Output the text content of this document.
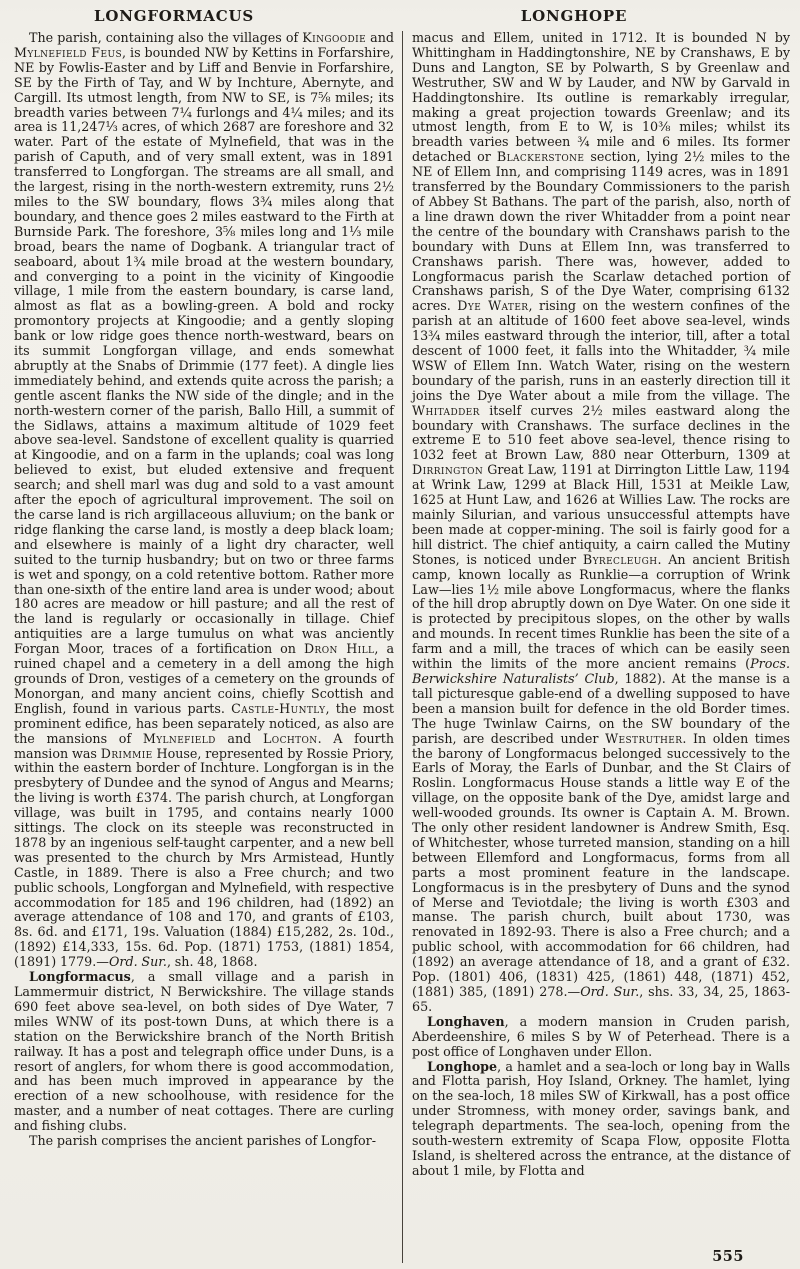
LONGFORMACUS	LONGHOPE

The parish, containing also the villages of Kingoodie and Mylnefield Feus, is bounded NW by Kettins in Forfarshire, NE by Fowlis-Easter and by Liff and Benvie in Forfarshire, SE by the Firth of Tay, and W by Inchture, Abernyte, and Cargill. Its utmost length, from NW to SE, is 7⅝ miles; its breadth varies between 7¼ furlongs and 4¼ miles; and its area is 11,247⅓ acres, of which 2687 are foreshore and 32 water. Part of the estate of Mylnefield, that was in the parish of Caputh, and of very small extent, was in 1891 transferred to Longforgan. The streams are all small, and the largest, rising in the north-western extremity, runs 2½ miles to the SW boundary, flows 3¾ miles along that boundary, and thence goes 2 miles eastward to the Firth at Burnside Park. The foreshore, 3⅝ miles long and 1⅓ mile broad, bears the name of Dogbank. A triangular tract of seaboard, about 1¾ mile broad at the western boundary, and converging to a point in the vicinity of Kingoodie village, 1 mile from the eastern boundary, is carse land, almost as flat as a bowling-green. A bold and rocky promontory projects at Kingoodie; and a gently sloping bank or low ridge goes thence north-westward, bears on its summit Longforgan village, and ends somewhat abruptly at the Snabs of Drimmie (177 feet). A dingle lies immediately behind, and extends quite across the parish; a gentle ascent flanks the NW side of the dingle; and in the north-western corner of the parish, Ballo Hill, a summit of the Sidlaws, attains a maximum altitude of 1029 feet above sea-level. Sandstone of excellent quality is quarried at Kingoodie, and on a farm in the uplands; coal was long believed to exist, but eluded extensive and frequent search; and shell marl was dug and sold to a vast amount after the epoch of agricultural improvement. The soil on the carse land is rich argillaceous alluvium; on the bank or ridge flanking the carse land, is mostly a deep black loam; and elsewhere is mainly of a light dry character, well suited to the turnip husbandry; but on two or three farms is wet and spongy, on a cold retentive bottom. Rather more than one-sixth of the entire land area is under wood; about 180 acres are meadow or hill pasture; and all the rest of the land is regularly or occasionally in tillage. Chief antiquities are a large tumulus on what was anciently Forgan Moor, traces of a fortification on Dron Hill, a ruined chapel and a cemetery in a dell among the high grounds of Dron, vestiges of a cemetery on the grounds of Monorgan, and many ancient coins, chiefly Scottish and English, found in various parts. Castle-Huntly, the most prominent edifice, has been separately noticed, as also are the mansions of Mylnefield and Lochton. A fourth mansion was Drimmie House, represented by Rossie Priory, within the eastern border of Inchture. Longforgan is in the presbytery of Dundee and the synod of Angus and Mearns; the living is worth £374. The parish church, at Longforgan village, was built in 1795, and contains nearly 1000 sittings. The clock on its steeple was reconstructed in 1878 by an ingenious self-taught carpenter, and a new bell was presented to the church by Mrs Armistead, Huntly Castle, in 1889. There is also a Free church; and two public schools, Longforgan and Mylnefield, with respective accommodation for 185 and 196 children, had (1892) an average attendance of 108 and 170, and grants of £103, 8s. 6d. and £171, 19s. Valuation (1884) £15,282, 2s. 10d., (1892) £14,333, 15s. 6d. Pop. (1871) 1753, (1881) 1854, (1891) 1779.—Ord. Sur., sh. 48, 1868.

Longformacus, a small village and a parish in Lammermuir district, N Berwickshire. The village stands 690 feet above sea-level, on both sides of Dye Water, 7 miles WNW of its post-town Duns, at which there is a station on the Berwickshire branch of the North British railway. It has a post and telegraph office under Duns, is a resort of anglers, for whom there is good accommodation, and has been much improved in appearance by the erection of a new schoolhouse, with residence for the master, and a number of neat cottages. There are curling and fishing clubs.

The parish comprises the ancient parishes of Longfor-

macus and Ellem, united in 1712. It is bounded N by Whittingham in Haddingtonshire, NE by Cranshaws, E by Duns and Langton, SE by Polwarth, S by Greenlaw and Westruther, SW and W by Lauder, and NW by Garvald in Haddingtonshire. Its outline is remarkably irregular, making a great projection towards Greenlaw; and its utmost length, from E to W, is 10⅜ miles; whilst its breadth varies between ¾ mile and 6 miles. Its former detached or Blackerstone section, lying 2½ miles to the NE of Ellem Inn, and comprising 1149 acres, was in 1891 transferred by the Boundary Commissioners to the parish of Abbey St Bathans. The part of the parish, also, north of a line drawn down the river Whitadder from a point near the centre of the boundary with Cranshaws parish to the boundary with Duns at Ellem Inn, was transferred to Cranshaws parish. There was, however, added to Longformacus parish the Scarlaw detached portion of Cranshaws parish, S of the Dye Water, comprising 6132 acres. Dye Water, rising on the western confines of the parish at an altitude of 1600 feet above sea-level, winds 13¾ miles eastward through the interior, till, after a total descent of 1000 feet, it falls into the Whitadder, ¾ mile WSW of Ellem Inn. Watch Water, rising on the western boundary of the parish, runs in an easterly direction till it joins the Dye Water about a mile from the village. The Whitadder itself curves 2½ miles eastward along the boundary with Cranshaws. The surface declines in the extreme E to 510 feet above sea-level, thence rising to 1032 feet at Brown Law, 880 near Otterburn, 1309 at Dirrington Great Law, 1191 at Dirrington Little Law, 1194 at Wrink Law, 1299 at Black Hill, 1531 at Meikle Law, 1625 at Hunt Law, and 1626 at Willies Law. The rocks are mainly Silurian, and various unsuccessful attempts have been made at copper-mining. The soil is fairly good for a hill district. The chief antiquity, a cairn called the Mutiny Stones, is noticed under Byrecleugh. An ancient British camp, known locally as Runklie—a corruption of Wrink Law—lies 1½ mile above Longformacus, where the flanks of the hill drop abruptly down on Dye Water. On one side it is protected by precipitous slopes, on the other by walls and mounds. In recent times Runklie has been the site of a farm and a mill, the traces of which can be easily seen within the limits of the more ancient remains (Procs. Berwickshire Naturalists’ Club, 1882). At the manse is a tall picturesque gable-end of a dwelling supposed to have been a mansion built for defence in the old Border times. The huge Twinlaw Cairns, on the SW boundary of the parish, are described under Westruther. In olden times the barony of Longformacus belonged successively to the Earls of Moray, the Earls of Dunbar, and the St Clairs of Roslin. Longformacus House stands a little way E of the village, on the opposite bank of the Dye, amidst large and well-wooded grounds. Its owner is Captain A. M. Brown. The only other resident landowner is Andrew Smith, Esq. of Whitchester, whose turreted mansion, standing on a hill between Ellemford and Longformacus, forms from all parts a most prominent feature in the landscape. Longformacus is in the presbytery of Duns and the synod of Merse and Teviotdale; the living is worth £303 and manse. The parish church, built about 1730, was renovated in 1892-93. There is also a Free church; and a public school, with accommodation for 66 children, had (1892) an average attendance of 18, and a grant of £32. Pop. (1801) 406, (1831) 425, (1861) 448, (1871) 452, (1881) 385, (1891) 278.—Ord. Sur., shs. 33, 34, 25, 1863-65.

Longhaven, a modern mansion in Cruden parish, Aberdeenshire, 6 miles S by W of Peterhead. There is a post office of Longhaven under Ellon.

Longhope, a hamlet and a sea-loch or long bay in Walls and Flotta parish, Hoy Island, Orkney. The hamlet, lying on the sea-loch, 18 miles SW of Kirkwall, has a post office under Stromness, with money order, savings bank, and telegraph departments. The sea-loch, opening from the south-western extremity of Scapa Flow, opposite Flotta Island, is sheltered across the entrance, at the distance of about 1 mile, by Flotta and

555
